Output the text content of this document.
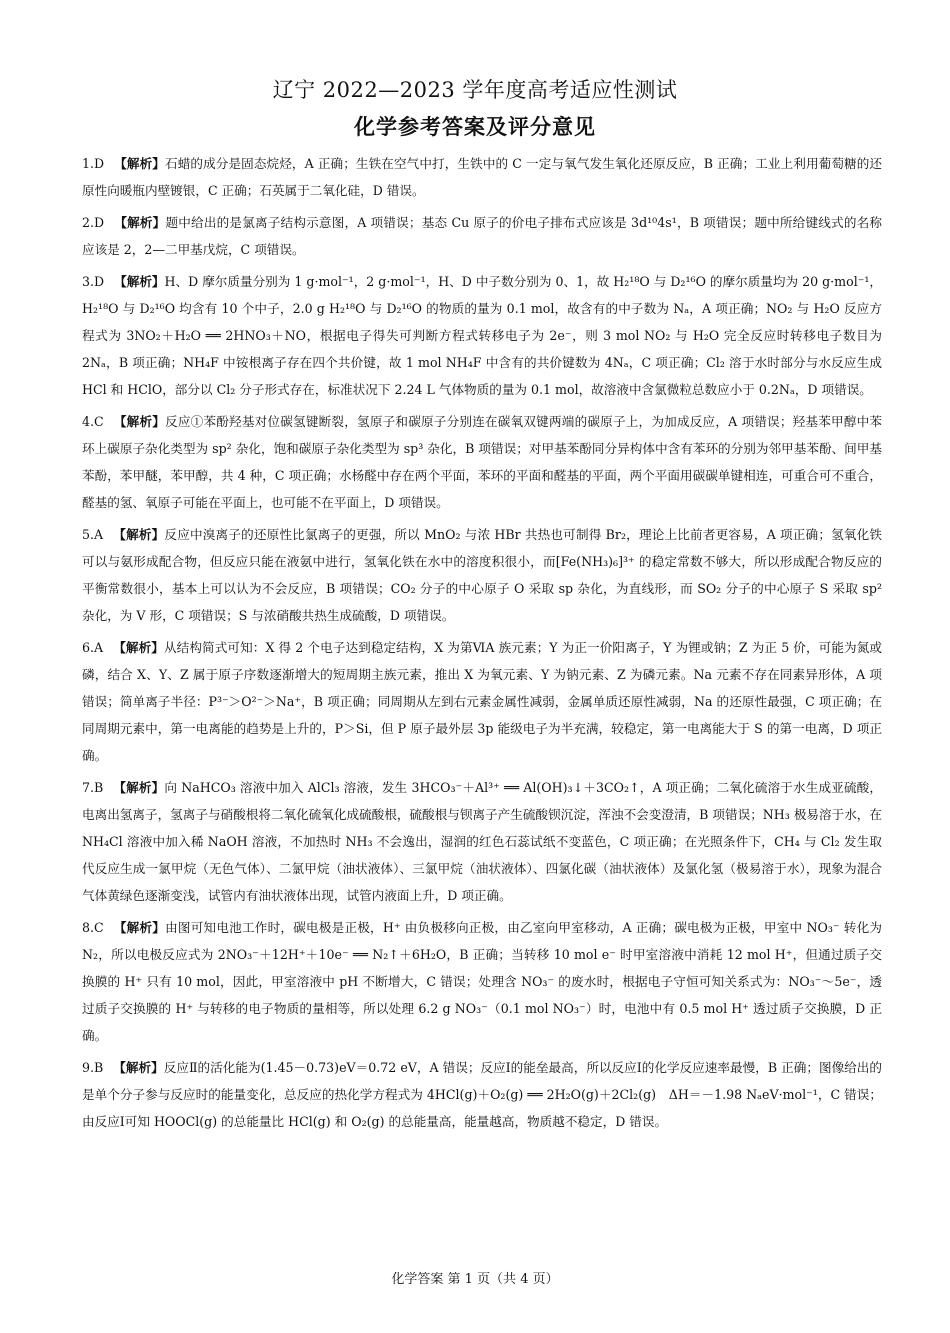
辽宁 2022—2023 学年度高考适应性测试
化学参考答案及评分意见

1.D 【解析】石蜡的成分是固态烷烃，A 正确；生铁在空气中打，生铁中的 C 一定与氧气发生氧化还原反应，B 正确；工业上利用葡萄糖的还原性向暖瓶内壁镀银，C 正确；石英属于二氧化硅，D 错误。

2.D 【解析】题中给出的是氯离子结构示意图，A 项错误；基态 Cu 原子的价电子排布式应该是 3d¹⁰4s¹，B 项错误；题中所给键线式的名称应该是 2，2—二甲基戊烷，C 项错误。

3.D 【解析】H、D 摩尔质量分别为 1 g·mol⁻¹，2 g·mol⁻¹，H、D 中子数分别为 0、1，故 H₂¹⁸O 与 D₂¹⁶O 的摩尔质量均为 20 g·mol⁻¹，H₂¹⁸O 与 D₂¹⁶O 均含有 10 个中子，2.0 g H₂¹⁸O 与 D₂¹⁶O 的物质的量为 0.1 mol，故含有的中子数为 Nₐ，A 项正确；NO₂ 与 H₂O 反应方程式为 3NO₂＋H₂O ══ 2HNO₃＋NO，根据电子得失可判断方程式转移电子为 2e⁻，则 3 mol NO₂ 与 H₂O 完全反应时转移电子数目为 2Nₐ，B 项正确；NH₄F 中铵根离子存在四个共价键，故 1 mol NH₄F 中含有的共价键数为 4Nₐ，C 项正确；Cl₂ 溶于水时部分与水反应生成 HCl 和 HClO，部分以 Cl₂ 分子形式存在，标准状况下 2.24 L 气体物质的量为 0.1 mol，故溶液中含氯微粒总数应小于 0.2Nₐ，D 项错误。

4.C 【解析】反应①苯酚羟基对位碳氢键断裂，氢原子和碳原子分别连在碳氧双键两端的碳原子上，为加成反应，A 项错误；羟基苯甲醇中苯环上碳原子杂化类型为 sp² 杂化，饱和碳原子杂化类型为 sp³ 杂化，B 项错误；对甲基苯酚同分异构体中含有苯环的分别为邻甲基苯酚、间甲基苯酚，苯甲醚，苯甲醇，共 4 种，C 项正确；水杨醛中存在两个平面，苯环的平面和醛基的平面，两个平面用碳碳单键相连，可重合可不重合，醛基的氢、氧原子可能在平面上，也可能不在平面上，D 项错误。

5.A 【解析】反应中溴离子的还原性比氯离子的更强，所以 MnO₂ 与浓 HBr 共热也可制得 Br₂，理论上比前者更容易，A 项正确；氢氧化铁可以与氨形成配合物，但反应只能在液氨中进行，氢氧化铁在水中的溶度积很小，而[Fe(NH₃)₆]³⁺ 的稳定常数不够大，所以形成配合物反应的平衡常数很小，基本上可以认为不会反应，B 项错误；CO₂ 分子的中心原子 O 采取 sp 杂化，为直线形，而 SO₂ 分子的中心原子 S 采取 sp² 杂化，为 V 形，C 项错误；S 与浓硝酸共热生成硫酸，D 项错误。

6.A 【解析】从结构简式可知：X 得 2 个电子达到稳定结构，X 为第ⅥA 族元素；Y 为正一价阳离子，Y 为锂或钠；Z 为正 5 价，可能为氮或磷，结合 X、Y、Z 属于原子序数逐渐增大的短周期主族元素，推出 X 为氧元素、Y 为钠元素、Z 为磷元素。Na 元素不存在同素异形体，A 项错误；简单离子半径：P³⁻＞O²⁻＞Na⁺，B 项正确；同周期从左到右元素金属性减弱，金属单质还原性减弱，Na 的还原性最强，C 项正确；在同周期元素中，第一电离能的趋势是上升的，P＞Si，但 P 原子最外层 3p 能级电子为半充满，较稳定，第一电离能大于 S 的第一电离，D 项正确。

7.B 【解析】向 NaHCO₃ 溶液中加入 AlCl₃ 溶液，发生 3HCO₃⁻＋Al³⁺ ══ Al(OH)₃↓＋3CO₂↑，A 项正确；二氧化硫溶于水生成亚硫酸，电离出氢离子，氢离子与硝酸根将二氧化硫氧化成硫酸根，硫酸根与钡离子产生硫酸钡沉淀，浑浊不会变澄清，B 项错误；NH₃ 极易溶于水，在 NH₄Cl 溶液中加入稀 NaOH 溶液，不加热时 NH₃ 不会逸出，湿润的红色石蕊试纸不变蓝色，C 项正确；在光照条件下，CH₄ 与 Cl₂ 发生取代反应生成一氯甲烷（无色气体）、二氯甲烷（油状液体）、三氯甲烷（油状液体）、四氯化碳（油状液体）及氯化氢（极易溶于水），现象为混合气体黄绿色逐渐变浅，试管内有油状液体出现，试管内液面上升，D 项正确。

8.C 【解析】由图可知电池工作时，碳电极是正极，H⁺ 由负极移向正极，由乙室向甲室移动，A 正确；碳电极为正极，甲室中 NO₃⁻ 转化为 N₂，所以电极反应式为 2NO₃⁻＋12H⁺＋10e⁻ ══ N₂↑＋6H₂O，B 正确；当转移 10 mol e⁻ 时甲室溶液中消耗 12 mol H⁺，但通过质子交换膜的 H⁺ 只有 10 mol，因此，甲室溶液中 pH 不断增大，C 错误；处理含 NO₃⁻ 的废水时，根据电子守恒可知关系式为：NO₃⁻～5e⁻，透过质子交换膜的 H⁺ 与转移的电子物质的量相等，所以处理 6.2 g NO₃⁻（0.1 mol NO₃⁻）时，电池中有 0.5 mol H⁺ 透过质子交换膜，D 正确。

9.B 【解析】反应Ⅱ的活化能为(1.45－0.73)eV＝0.72 eV，A 错误；反应Ⅰ的能垒最高，所以反应Ⅰ的化学反应速率最慢，B 正确；图像给出的是单个分子参与反应时的能量变化，总反应的热化学方程式为 4HCl(g)＋O₂(g) ══ 2H₂O(g)＋2Cl₂(g)　ΔH＝－1.98 NₐeV·mol⁻¹，C 错误；由反应Ⅰ可知 HOOCl(g) 的总能量比 HCl(g) 和 O₂(g) 的总能量高，能量越高，物质越不稳定，D 错误。

化学答案 第 1 页（共 4 页）
